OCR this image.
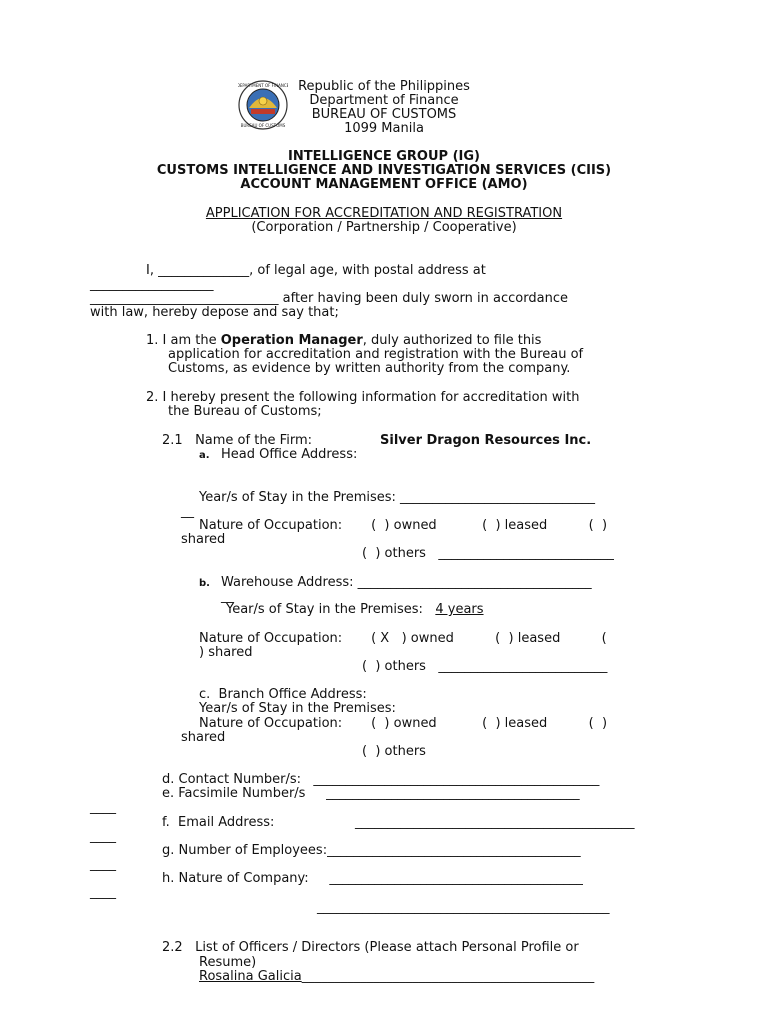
DEPARTMENT OF FINANCE
BUREAU OF CUSTOMS
Republic of the Philippines
Department of Finance
BUREAU OF CUSTOMS
1099 Manila
INTELLIGENCE GROUP (IG)
CUSTOMS INTELLIGENCE AND INVESTIGATION SERVICES (CIIS)
ACCOUNT MANAGEMENT OFFICE (AMO)
APPLICATION FOR ACCREDITATION AND REGISTRATION
(Corporation / Partnership / Cooperative)
I, ______________, of legal age, with postal address at
___________________
_____________________________ after having been duly sworn in accordance
with law, hereby depose and say that;
1. I am the Operation Manager, duly authorized to file this
application for accreditation and registration with the Bureau of
Customs, as evidence by written authority from the company.
2. I hereby present the following information for accreditation with
the Bureau of Customs;
2.1   Name of the Firm:	Silver Dragon Resources Inc.
a. Head Office Address:
Year/s of Stay in the Premises: ______________________________
__
Nature of Occupation:       (  ) owned           (  ) leased          (  )
shared
(  ) others   ___________________________
b. Warehouse Address: ____________________________________
__
Year/s of Stay in the Premises: 4 years
Nature of Occupation:       ( X   ) owned          (  ) leased          (
) shared
(  ) others   __________________________
c.  Branch Office Address:
Year/s of Stay in the Premises:
Nature of Occupation:       (  ) owned           (  ) leased          (  )
shared
(  ) others
d. Contact Number/s:   ____________________________________________
e. Facsimile Number/s     _______________________________________
____
f.  Email Address:	___________________________________________
____
g. Number of Employees:_______________________________________
____
h. Nature of Company:     _______________________________________
____
_____________________________________________
2.2   List of Officers / Directors (Please attach Personal Profile or
Resume)
Rosalina Galicia_____________________________________________
